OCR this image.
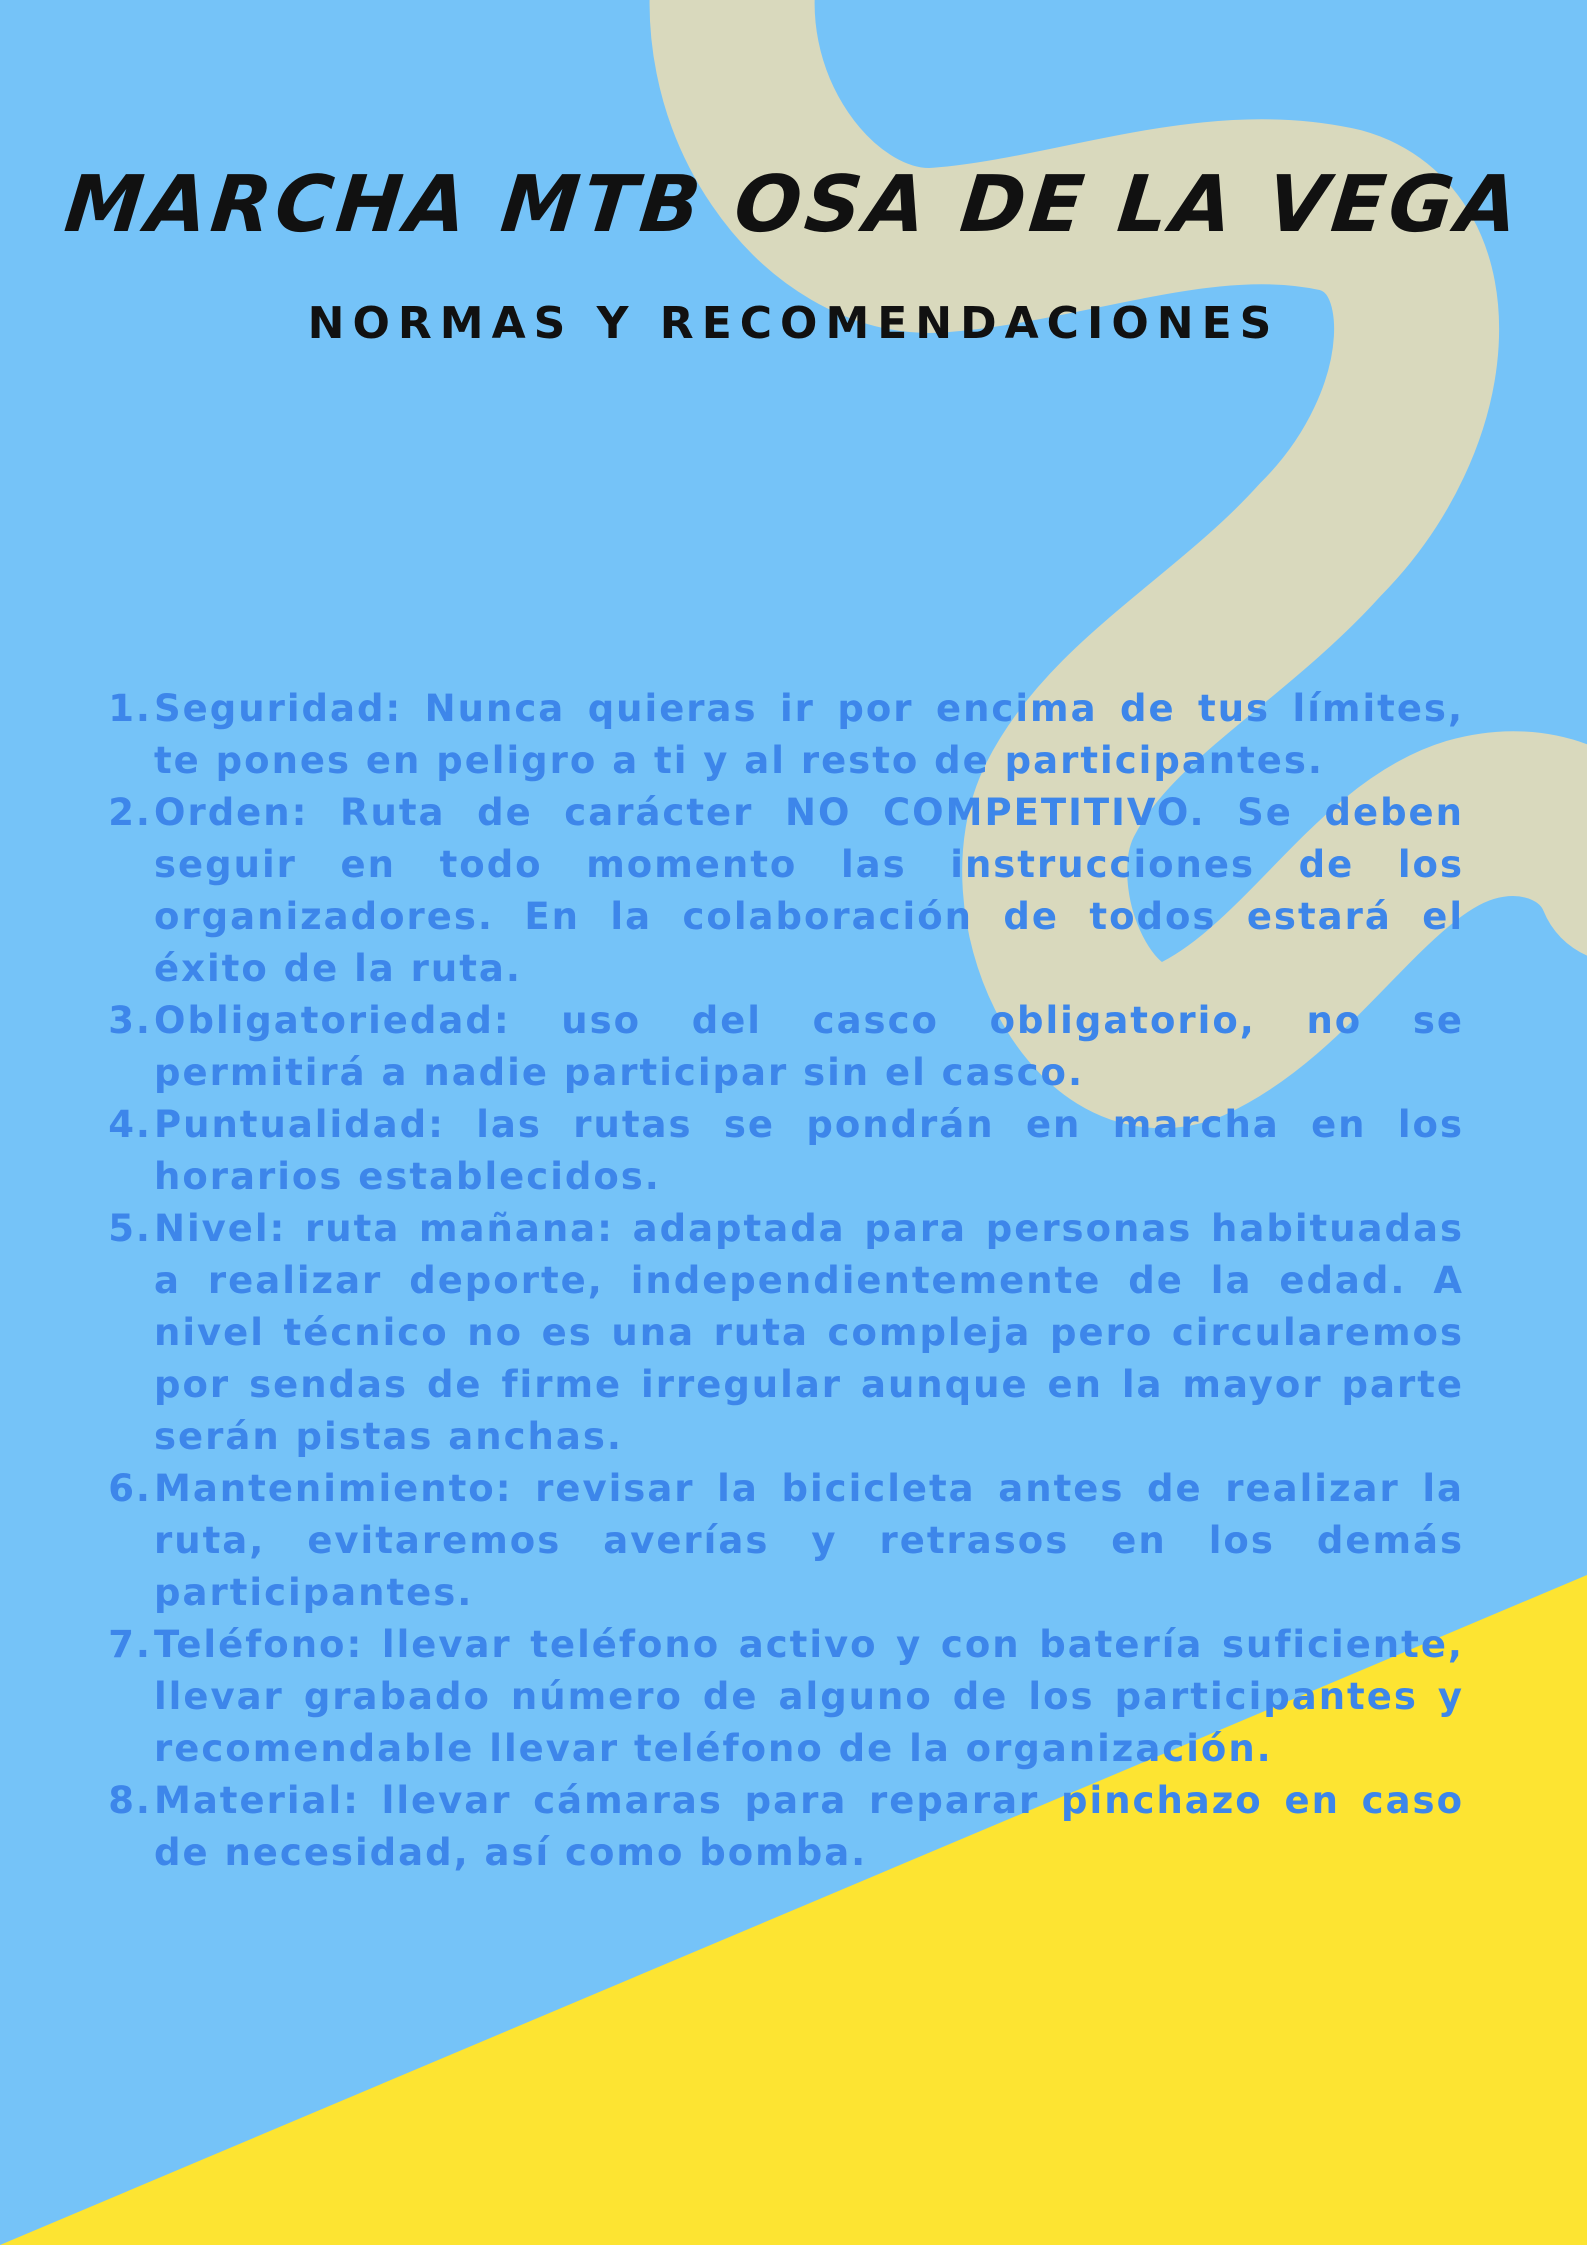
MARCHA MTB OSA DE LA VEGA
NORMAS Y RECOMENDACIONES
1. Seguridad: Nunca quieras ir por encima de tus límites, te pones en peligro a ti y al resto de participantes.
2. Orden: Ruta de carácter NO COMPETITIVO. Se deben seguir en todo momento las instrucciones de los organizadores. En la colaboración de todos estará el éxito de la ruta.
3. Obligatoriedad: uso del casco obligatorio, no se permitirá a nadie participar sin el casco.
4. Puntualidad: las rutas se pondrán en marcha en los horarios establecidos.
5. Nivel: ruta mañana: adaptada para personas habituadas a realizar deporte, independientemente de la edad. A nivel técnico no es una ruta compleja pero circularemos por sendas de firme irregular aunque en la mayor parte serán pistas anchas.
6. Mantenimiento: revisar la bicicleta antes de realizar la ruta, evitaremos averías y retrasos en los demás participantes.
7. Teléfono: llevar teléfono activo y con batería suficiente, llevar grabado número de alguno de los participantes y recomendable llevar teléfono de la organización.
8. Material: llevar cámaras para reparar pinchazo en caso de necesidad, así como bomba.
